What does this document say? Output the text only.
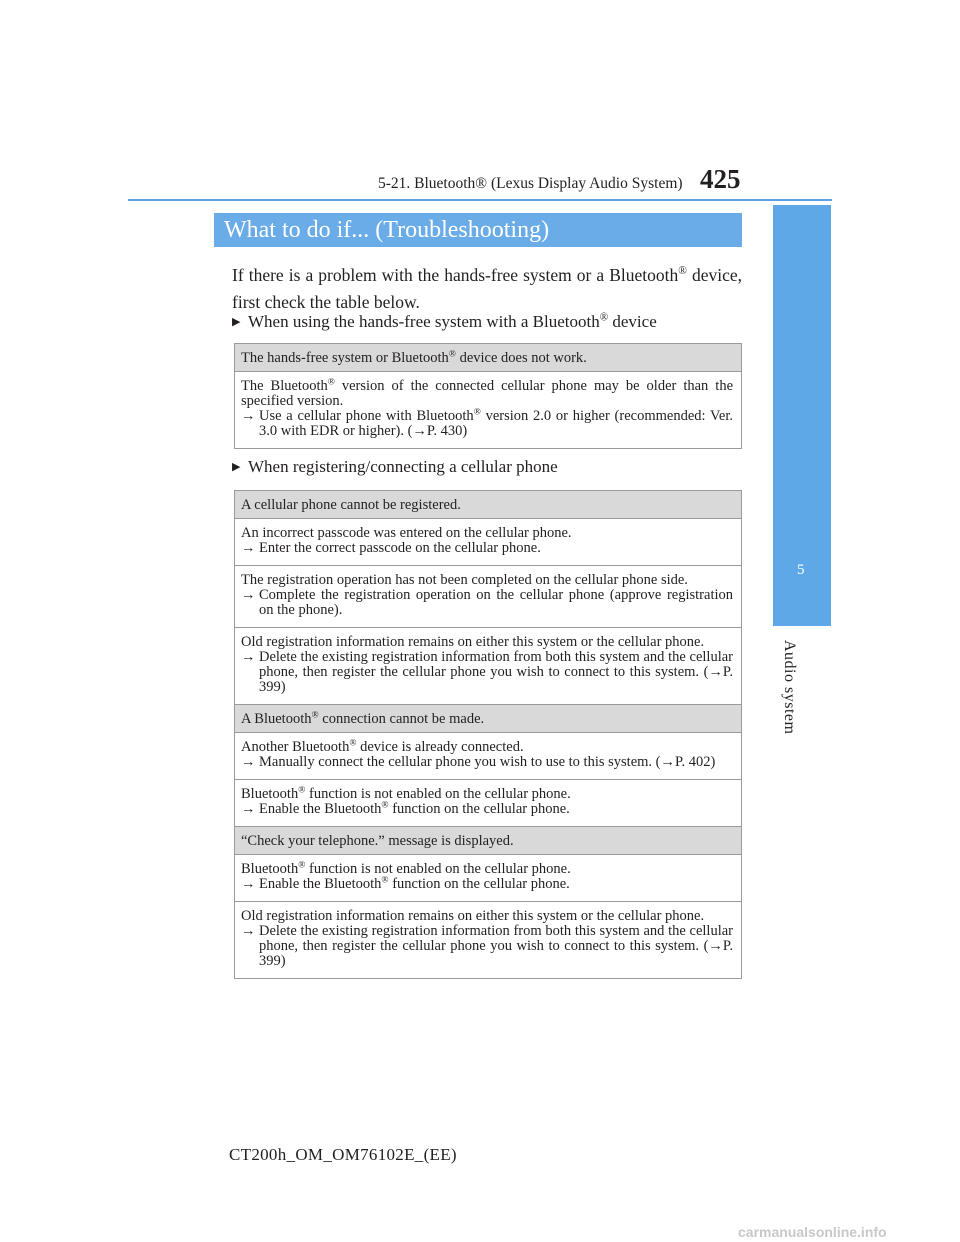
425
5-21. Bluetooth® (Lexus Display Audio System)
5
Audio system
What to do if... (Troubleshooting)
If there is a problem with the hands-free system or a Bluetooth® device, first check the table below.
▶ When using the hands-free system with a Bluetooth® device
The hands-free system or Bluetooth® device does not work.
The Bluetooth® version of the connected cellular phone may be older than the specified version.
→ Use a cellular phone with Bluetooth® version 2.0 or higher (recommended: Ver. 3.0 with EDR or higher). (→P. 430)
▶ When registering/connecting a cellular phone
A cellular phone cannot be registered.
An incorrect passcode was entered on the cellular phone.
→ Enter the correct passcode on the cellular phone.
The registration operation has not been completed on the cellular phone side.
→ Complete the registration operation on the cellular phone (approve registration on the phone).
Old registration information remains on either this system or the cellular phone.
→ Delete the existing registration information from both this system and the cellular phone, then register the cellular phone you wish to connect to this system. (→P. 399)
A Bluetooth® connection cannot be made.
Another Bluetooth® device is already connected.
→ Manually connect the cellular phone you wish to use to this system. (→P. 402)
Bluetooth® function is not enabled on the cellular phone.
→ Enable the Bluetooth® function on the cellular phone.
“Check your telephone.” message is displayed.
Bluetooth® function is not enabled on the cellular phone.
→ Enable the Bluetooth® function on the cellular phone.
Old registration information remains on either this system or the cellular phone.
→ Delete the existing registration information from both this system and the cellular phone, then register the cellular phone you wish to connect to this system. (→P. 399)
CT200h_OM_OM76102E_(EE)
carmanualsonline.info
